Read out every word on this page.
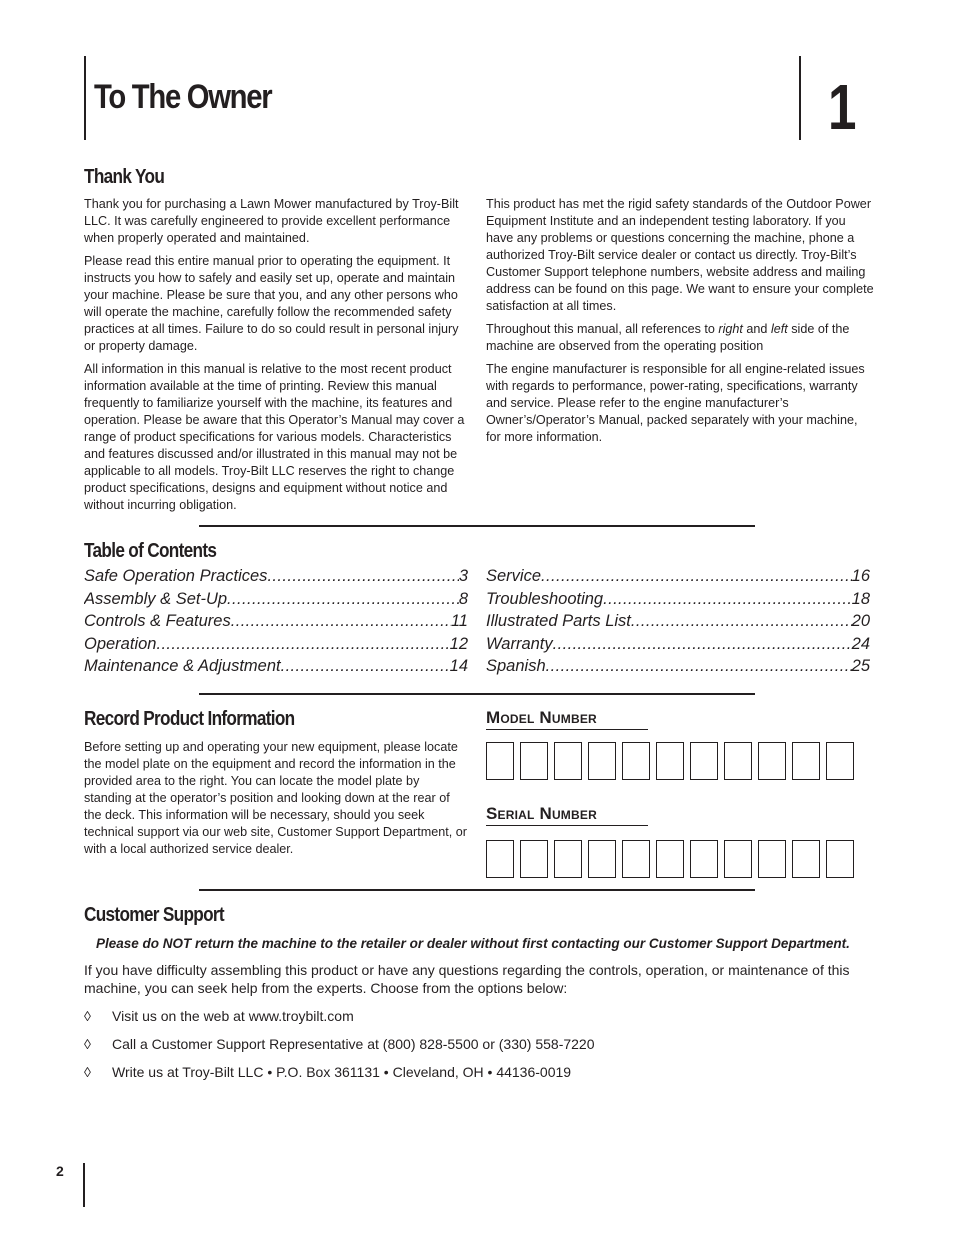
To The Owner	1
Thank You

Thank you for purchasing a Lawn Mower manufactured by Troy-Bilt LLC. It was carefully engineered to provide excellent performance when properly operated and maintained.

Please read this entire manual prior to operating the equipment. It instructs you how to safely and easily set up, operate and maintain your machine. Please be sure that you, and any other persons who will operate the machine, carefully follow the recommended safety practices at all times. Failure to do so could result in personal injury or property damage.

All information in this manual is relative to the most recent product information available at the time of printing. Review this manual frequently to familiarize yourself with the machine, its features and operation. Please be aware that this Operator’s Manual may cover a range of product specifications for various models. Characteristics and features discussed and/or illustrated in this manual may not be applicable to all models. Troy-Bilt LLC reserves the right to change product specifications, designs and equipment without notice and without incurring obligation.

This product has met the rigid safety standards of the Outdoor Power Equipment Institute and an independent testing laboratory. If you have any problems or questions concerning the machine, phone a authorized Troy-Bilt service dealer or contact us directly. Troy-Bilt’s Customer Support telephone numbers, website address and mailing address can be found on this page. We want to ensure your complete satisfaction at all times.

Throughout this manual, all references to right and left side of the machine are observed from the operating position

The engine manufacturer is responsible for all engine-related issues with regards to performance, power-rating, specifications, warranty and service. Please refer to the engine manufacturer’s Owner’s/Operator’s Manual, packed separately with your machine, for more information.

Table of Contents
Safe Operation Practices .....	3
Assembly & Set-Up .....	8
Controls & Features .....	11
Operation .....	12
Maintenance & Adjustment .....	14
Service .....	16
Troubleshooting .....	18
Illustrated Parts List .....	20
Warranty .....	24
Spanish .....	25
Record Product Information
Before setting up and operating your new equipment, please locate the model plate on the equipment and record the information in the provided area to the right. You can locate the model plate by standing at the operator’s position and looking down at the rear of the deck. This information will be necessary, should you seek technical support via our web site, Customer Support Department, or with a local authorized service dealer.
Model Number
Serial Number
Customer Support
Please do NOT return the machine to the retailer or dealer without first contacting our Customer Support Department.
If you have difficulty assembling this product or have any questions regarding the controls, operation, or maintenance of this machine, you can seek help from the experts. Choose from the options below:
◊	Visit us on the web at www.troybilt.com
◊	Call a Customer Support Representative at (800) 828-5500 or (330) 558-7220
◊	Write us at Troy-Bilt LLC • P.O. Box 361131 • Cleveland, OH • 44136-0019
2
